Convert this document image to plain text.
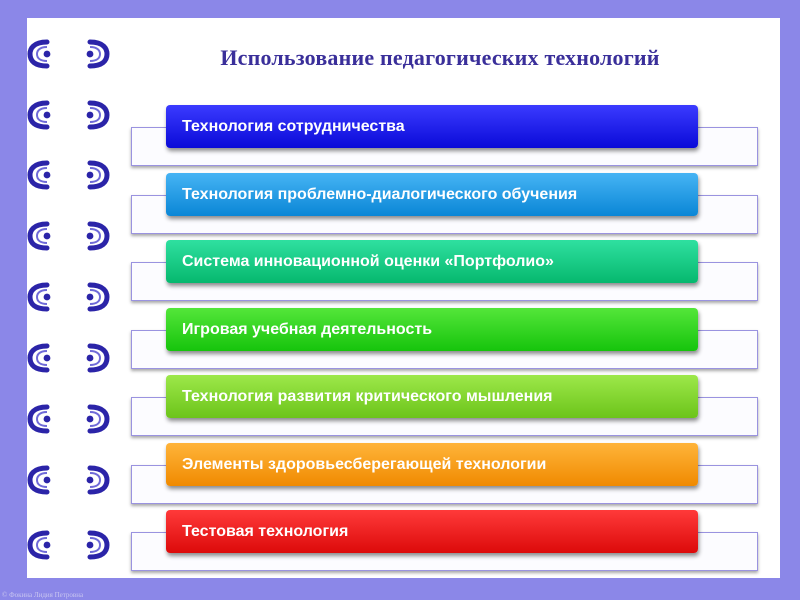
Использование педагогических технологий
Технология сотрудничества
Технология проблемно-диалогического обучения
Система инновационной оценки «Портфолио»
Игровая учебная деятельность
Технология развития критического мышления
Элементы здоровьесберегающей технологии
Тестовая технология
© Фокина Лидия Петровна
